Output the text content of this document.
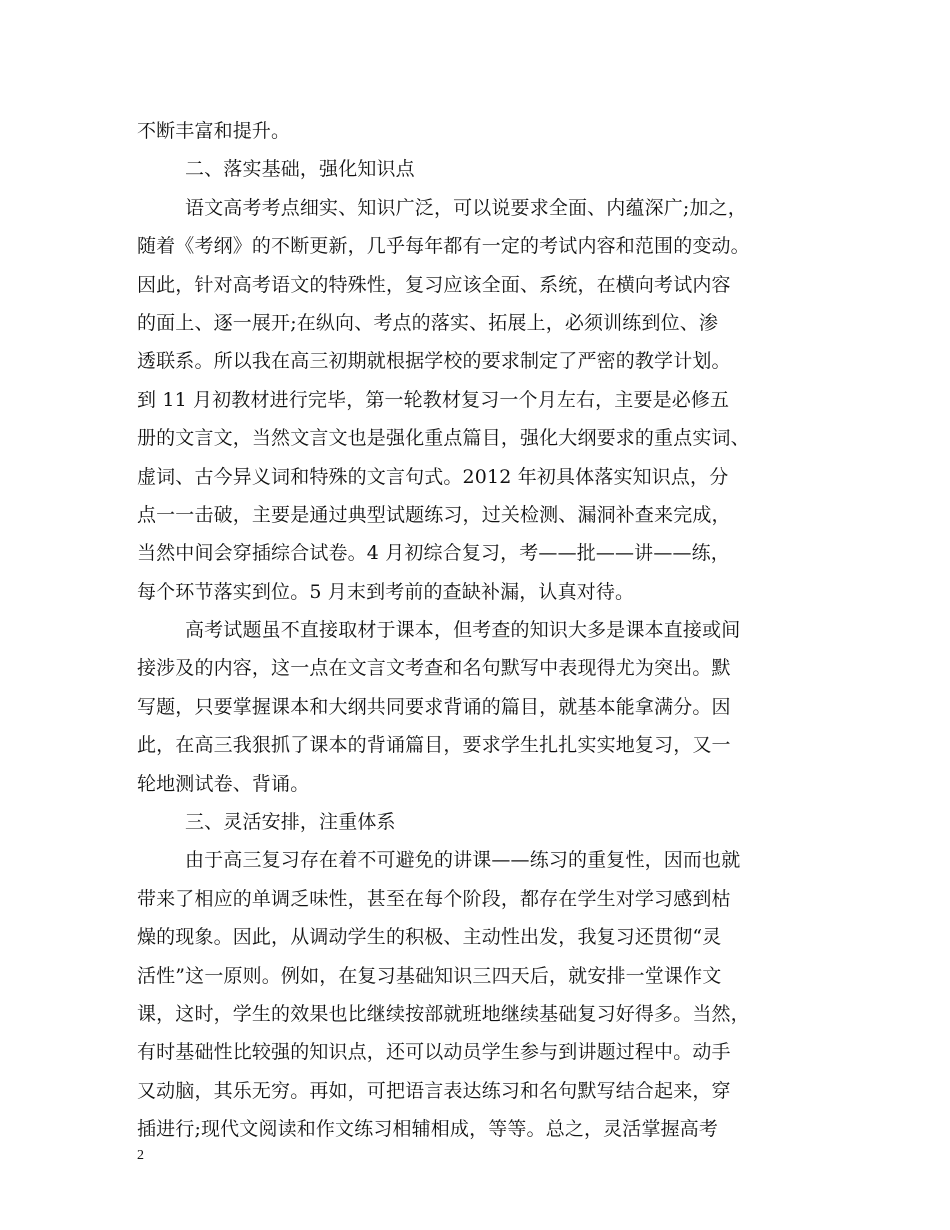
不断丰富和提升。
二、落实基础，强化知识点
语文高考考点细实、知识广泛，可以说要求全面、内蕴深广;加之，
随着《考纲》的不断更新，几乎每年都有一定的考试内容和范围的变动。
因此，针对高考语文的特殊性，复习应该全面、系统，在横向考试内容
的面上、逐一展开;在纵向、考点的落实、拓展上，必须训练到位、渗
透联系。所以我在高三初期就根据学校的要求制定了严密的教学计划。
到 11 月初教材进行完毕，第一轮教材复习一个月左右，主要是必修五
册的文言文，当然文言文也是强化重点篇目，强化大纲要求的重点实词、
虚词、古今异义词和特殊的文言句式。2012 年初具体落实知识点，分
点一一击破，主要是通过典型试题练习，过关检测、漏洞补查来完成，
当然中间会穿插综合试卷。4 月初综合复习，考——批——讲——练，
每个环节落实到位。5 月末到考前的查缺补漏，认真对待。
高考试题虽不直接取材于课本，但考查的知识大多是课本直接或间
接涉及的内容，这一点在文言文考查和名句默写中表现得尤为突出。默
写题，只要掌握课本和大纲共同要求背诵的篇目，就基本能拿满分。因
此，在高三我狠抓了课本的背诵篇目，要求学生扎扎实实地复习，又一
轮地测试卷、背诵。
三、灵活安排，注重体系
由于高三复习存在着不可避免的讲课——练习的重复性，因而也就
带来了相应的单调乏味性，甚至在每个阶段，都存在学生对学习感到枯
燥的现象。因此，从调动学生的积极、主动性出发，我复习还贯彻“灵
活性”这一原则。例如，在复习基础知识三四天后，就安排一堂课作文
课，这时，学生的效果也比继续按部就班地继续基础复习好得多。当然，
有时基础性比较强的知识点，还可以动员学生参与到讲题过程中。动手
又动脑，其乐无穷。再如，可把语言表达练习和名句默写结合起来，穿
插进行;现代文阅读和作文练习相辅相成，等等。总之，灵活掌握高考
2
